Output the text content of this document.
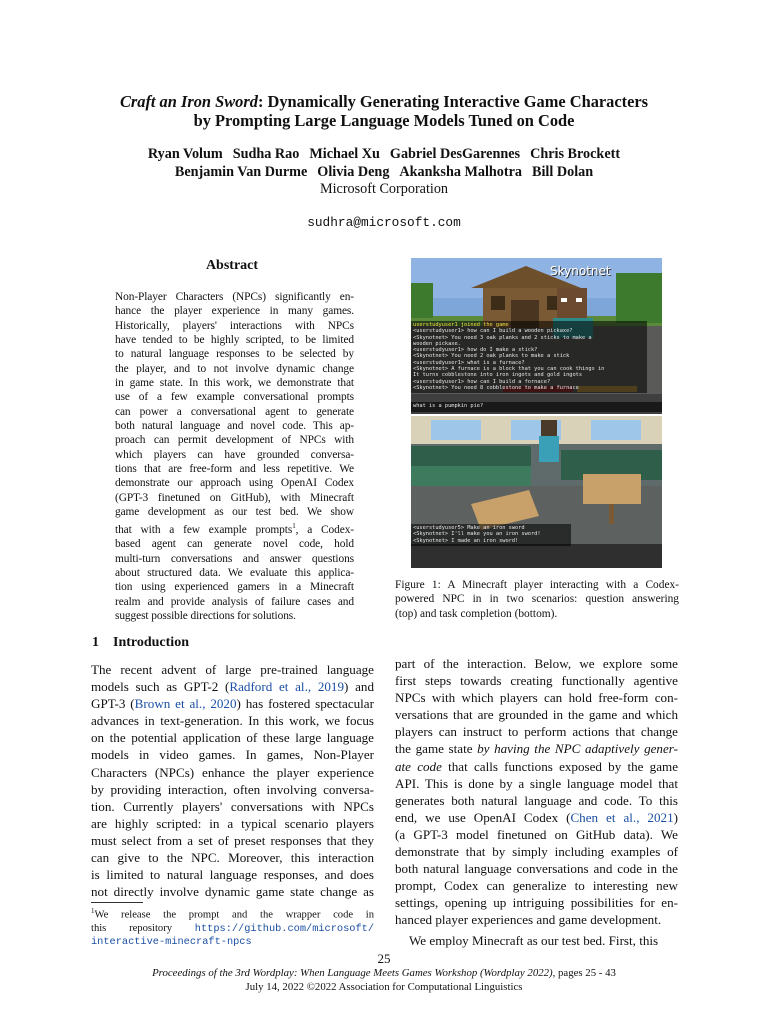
Craft an Iron Sword: Dynamically Generating Interactive Game Characters
by Prompting Large Language Models Tuned on Code
Ryan Volum Sudha Rao Michael Xu Gabriel DesGarennes Chris Brockett
Benjamin Van Durme Olivia Deng Akanksha Malhotra Bill Dolan
Microsoft Corporation
sudhra@microsoft.com
Abstract
Non-Player Characters (NPCs) significantly en-
hance the player experience in many games.
Historically, players' interactions with NPCs
have tended to be highly scripted, to be limited
to natural language responses to be selected by
the player, and to not involve dynamic change
in game state. In this work, we demonstrate that
use of a few example conversational prompts
can power a conversational agent to generate
both natural language and novel code. This ap-
proach can permit development of NPCs with
which players can have grounded conversa-
tions that are free-form and less repetitive. We
demonstrate our approach using OpenAI Codex
(GPT-3 finetuned on GitHub), with Minecraft
game development as our test bed. We show
that with a few example prompts$^1$, a Codex-
based agent can generate novel code, hold
multi-turn conversations and answer questions
about structured data. We evaluate this applica-
tion using experienced gamers in a Minecraft
realm and provide analysis of failure cases and
suggest possible directions for solutions.
1 Introduction
The recent advent of large pre-trained language
models such as GPT-2 (Radford et al., 2019) and
GPT-3 (Brown et al., 2020) has fostered spectacular
advances in text-generation. In this work, we focus
on the potential application of these large language
models in video games. In games, Non-Player
Characters (NPCs) enhance the player experience
by providing interaction, often involving conversa-
tion. Currently players' conversations with NPCs
are highly scripted: in a typical scenario players
must select from a set of preset responses that they
can give to the NPC. Moreover, this interaction
is limited to natural language responses, and does
not directly involve dynamic game state change as
$^1$We release the prompt and the wrapper code in
this repository https://github.com/microsoft/
interactive-minecraft-npcs
part of the interaction. Below, we explore some
first steps towards creating functionally agentive
NPCs with which players can hold free-form con-
versations that are grounded in the game and which
players can instruct to perform actions that change
the game state by having the NPC adaptively gener-
ate code that calls functions exposed by the game
API. This is done by a single language model that
generates both natural language and code. To this
end, we use OpenAI Codex (Chen et al., 2021)
(a GPT-3 model finetuned on GitHub data). We
demonstrate that by simply including examples of
both natural language conversations and code in the
prompt, Codex can generalize to interesting new
settings, opening up intriguing possibilities for en-
hanced player experiences and game development.
We employ Minecraft as our test bed. First, this
Skynotnet
userstudyuser1 joined the game
<userstudyuser1> how can I build a wooden pickaxe?
<Skynotnet> You need 3 oak planks and 2 sticks to make a
wooden pickaxe.
<userstudyuser1> how do I make a stick?
<Skynotnet> You need 2 oak planks to make a stick
<userstudyuser1> what is a furnace?
<Skynotnet> A furnace is a block that you can cook things in
It turns cobblestone into iron ingots and gold ingots
<userstudyuser1> how can I build a fornace?
<Skynotnet> You need 8 cobblestone to make a furnace
what is a pumpkin pie?
<userstudyuser5> Make an iron sword
<Skynotnet> I'll make you an iron sword!
<Skynotnet> I made an iron sword!
Figure 1: A Minecraft player interacting with a Codex-
powered NPC in in two scenarios: question answering
(top) and task completion (bottom).
25
Proceedings of the 3rd Wordplay: When Language Meets Games Workshop (Wordplay 2022), pages 25 - 43
July 14, 2022 ©2022 Association for Computational Linguistics
